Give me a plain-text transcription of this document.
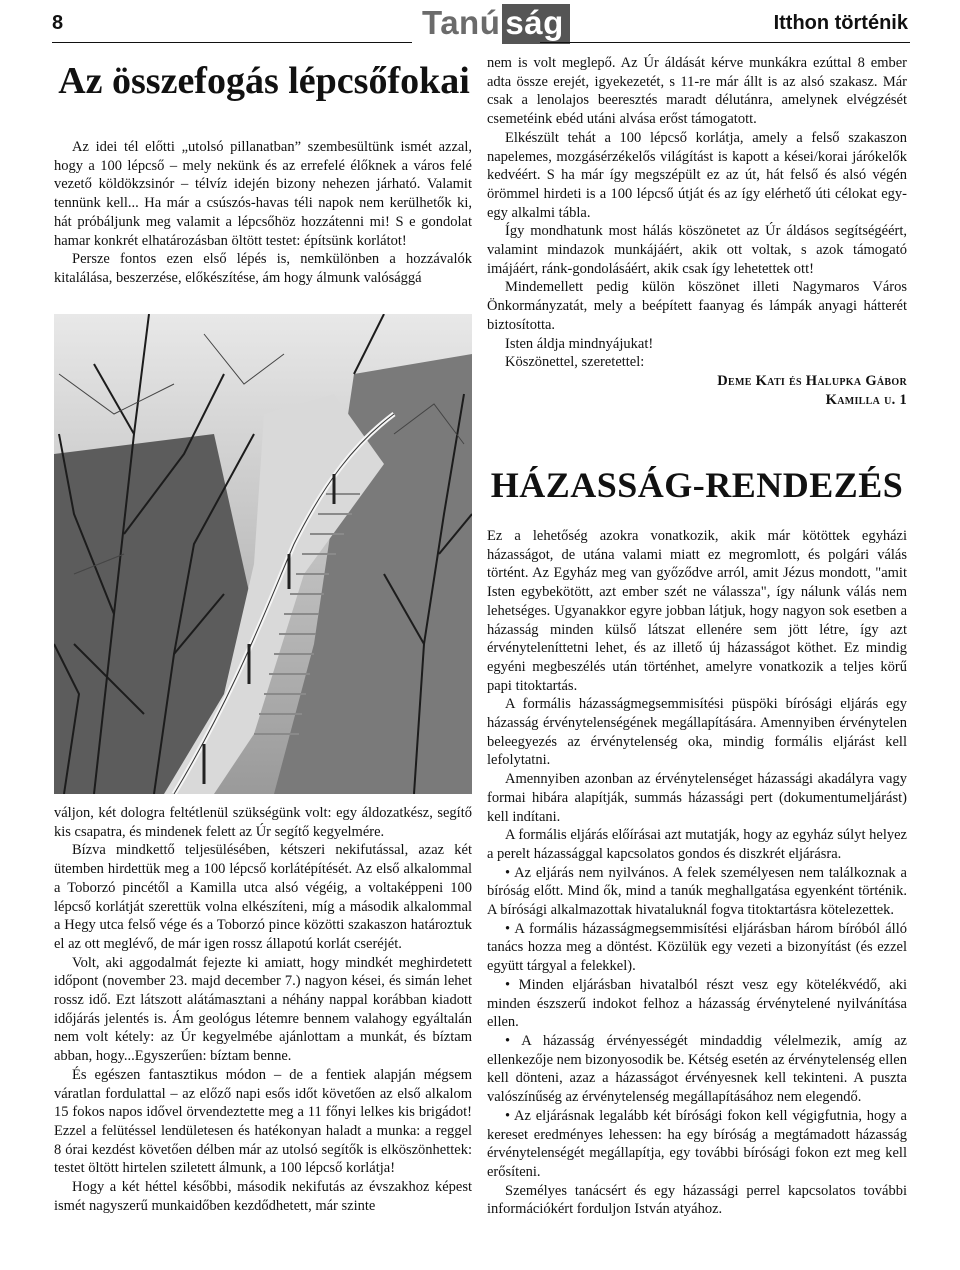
8	Tanú ság	Itthon történik
Az összefogás lépcsőfokai

Az idei tél előtti „utolsó pillanatban” szembesültünk ismét azzal, hogy a 100 lépcső – mely nekünk és az errefelé élőknek a város felé vezető köldökzsinór – télvíz idején bizony nehezen járható. Valamit tennünk kell... Ha már a csúszós-havas téli napok nem kerülhetők ki, hát próbáljunk meg valamit a lépcsőhöz hozzátenni mi! S e gondolat hamar konkrét elhatározásban öltött testet: építsünk korlátot!

Persze fontos ezen első lépés is, nemkülönben a hozzávalók kitalálása, beszerzése, előkészítése, ám hogy álmunk valósággá

váljon, két dologra feltétlenül szükségünk volt: egy áldozatkész, segítő kis csapatra, és mindenek felett az Úr segítő kegyelmére.

Bízva mindkettő teljesülésében, kétszeri nekifutással, azaz két ütemben hirdettük meg a 100 lépcső korlátépítését. Az első alkalommal a Toborzó pincétől a Kamilla utca alsó végéig, a voltaképpeni 100 lépcső korlátját szerettük volna elkészíteni, míg a második alkalommal a Hegy utca felső vége és a Toborzó pince közötti szakaszon határoztuk el az ott meglévő, de már igen rossz állapotú korlát cseréjét.

Volt, aki aggodalmát fejezte ki amiatt, hogy mindkét meghirdetett időpont (november 23. majd december 7.) nagyon kései, és simán lehet rossz idő. Ezt látszott alátámasztani a néhány nappal korábban kiadott időjárás jelentés is. Ám geológus létemre bennem valahogy egyáltalán nem volt kétely: az Úr kegyelmébe ajánlottam a munkát, és bíztam abban, hogy...Egyszerűen: bíztam benne.

És egészen fantasztikus módon – de a fentiek alapján mégsem váratlan fordulattal – az előző napi esős időt követően az első alkalom 15 fokos napos idővel örvendeztette meg a 11 főnyi lelkes kis brigádot! Ezzel a felütéssel lendületesen és hatékonyan haladt a munka: a reggel 8 órai kezdést követően délben már az utolsó segítők is elköszönhettek: testet öltött hirtelen sziletett álmunk, a 100 lépcső korlátja!

Hogy a két héttel későbbi, második nekifutás az évszakhoz képest ismét nagyszerű munkaidőben kezdődhetett, már szinte

nem is volt meglepő. Az Úr áldását kérve munkákra ezúttal 8 ember adta össze erejét, igyekezetét, s 11-re már állt is az alsó szakasz. Már csak a lenolajos beeresztés maradt délutánra, amelynek elvégzését csemetéink ebéd utáni alvása erőst támogatott.

Elkészült tehát a 100 lépcső korlátja, amely a felső szakaszon napelemes, mozgásérzékelős világítást is kapott a kései/korai járókelők kedvéért. S ha már így megszépült ez az út, hát felső és alsó végén örömmel hirdeti is a 100 lépcső útját és az így elérhető úti célokat egy-egy alkalmi tábla.

Így mondhatunk most hálás köszönetet az Úr áldásos segítségéért, valamint mindazok munkájáért, akik ott voltak, s azok támogató imájáért, ránk-gondolásáért, akik csak így lehetettek ott!

Mindemellett pedig külön köszönet illeti Nagymaros Város Önkormányzatát, mely a beépített faanyag és lámpák anyagi hátterét biztosította.

Isten áldja mindnyájukat!

Köszönettel, szeretettel:

Deme Kati és Halupka Gábor

Kamilla u. 1

HÁZASSÁG-RENDEZÉS

Ez a lehetőség azokra vonatkozik, akik már kötöttek egyházi házasságot, de utána valami miatt ez megromlott, és polgári válás történt. Az Egyház meg van győződve arról, amit Jézus mondott, "amit Isten egybekötött, azt ember szét ne válassza", így nálunk válás nem lehetséges. Ugyanakkor egyre jobban látjuk, hogy nagyon sok esetben a házasság minden külső látszat ellenére sem jött létre, így azt érvényteleníttetni lehet, és az illető új házasságot köthet. Ez mindig egyéni megbeszélés után történhet, amelyre vonatkozik a teljes körű papi titoktartás.

A formális házasságmegsemmisítési püspöki bírósági eljárás egy házasság érvénytelenségének megállapítására. Amennyiben érvénytelen beleegyezés az érvénytelenség oka, mindig formális eljárást kell lefolytatni.

Amennyiben azonban az érvénytelenséget házassági akadályra vagy formai hibára alapítják, summás házassági pert (dokumentumeljárást) kell indítani.

A formális eljárás előírásai azt mutatják, hogy az egyház súlyt helyez a perelt házassággal kapcsolatos gondos és diszkrét eljárásra.

• Az eljárás nem nyilvános. A felek személyesen nem találkoznak a bíróság előtt. Mind ők, mind a tanúk meghallgatása egyenként történik. A bírósági alkalmazottak hivataluknál fogva titoktartásra kötelezettek.

• A formális házasságmegsemmisítési eljárásban három bíróból álló tanács hozza meg a döntést. Közülük egy vezeti a bizonyítást (és ezzel együtt tárgyal a felekkel).

• Minden eljárásban hivatalból részt vesz egy kötelékvédő, aki minden észszerű indokot felhoz a házasság érvénytelené nyilvánítása ellen.

• A házasság érvényességét mindaddig vélelmezik, amíg az ellenkezője nem bizonyosodik be. Kétség esetén az érvénytelenség ellen kell dönteni, azaz a házasságot érvényesnek kell tekinteni. A puszta valószínűség az érvénytelenség megállapításához nem elegendő.

• Az eljárásnak legalább két bírósági fokon kell végigfutnia, hogy a kereset eredményes lehessen: ha egy bíróság a megtámadott házasság érvénytelenségét megállapítja, egy további bírósági fokon ezt meg kell erősíteni.

Személyes tanácsért és egy házassági perrel kapcsolatos további információkért forduljon István atyához.
